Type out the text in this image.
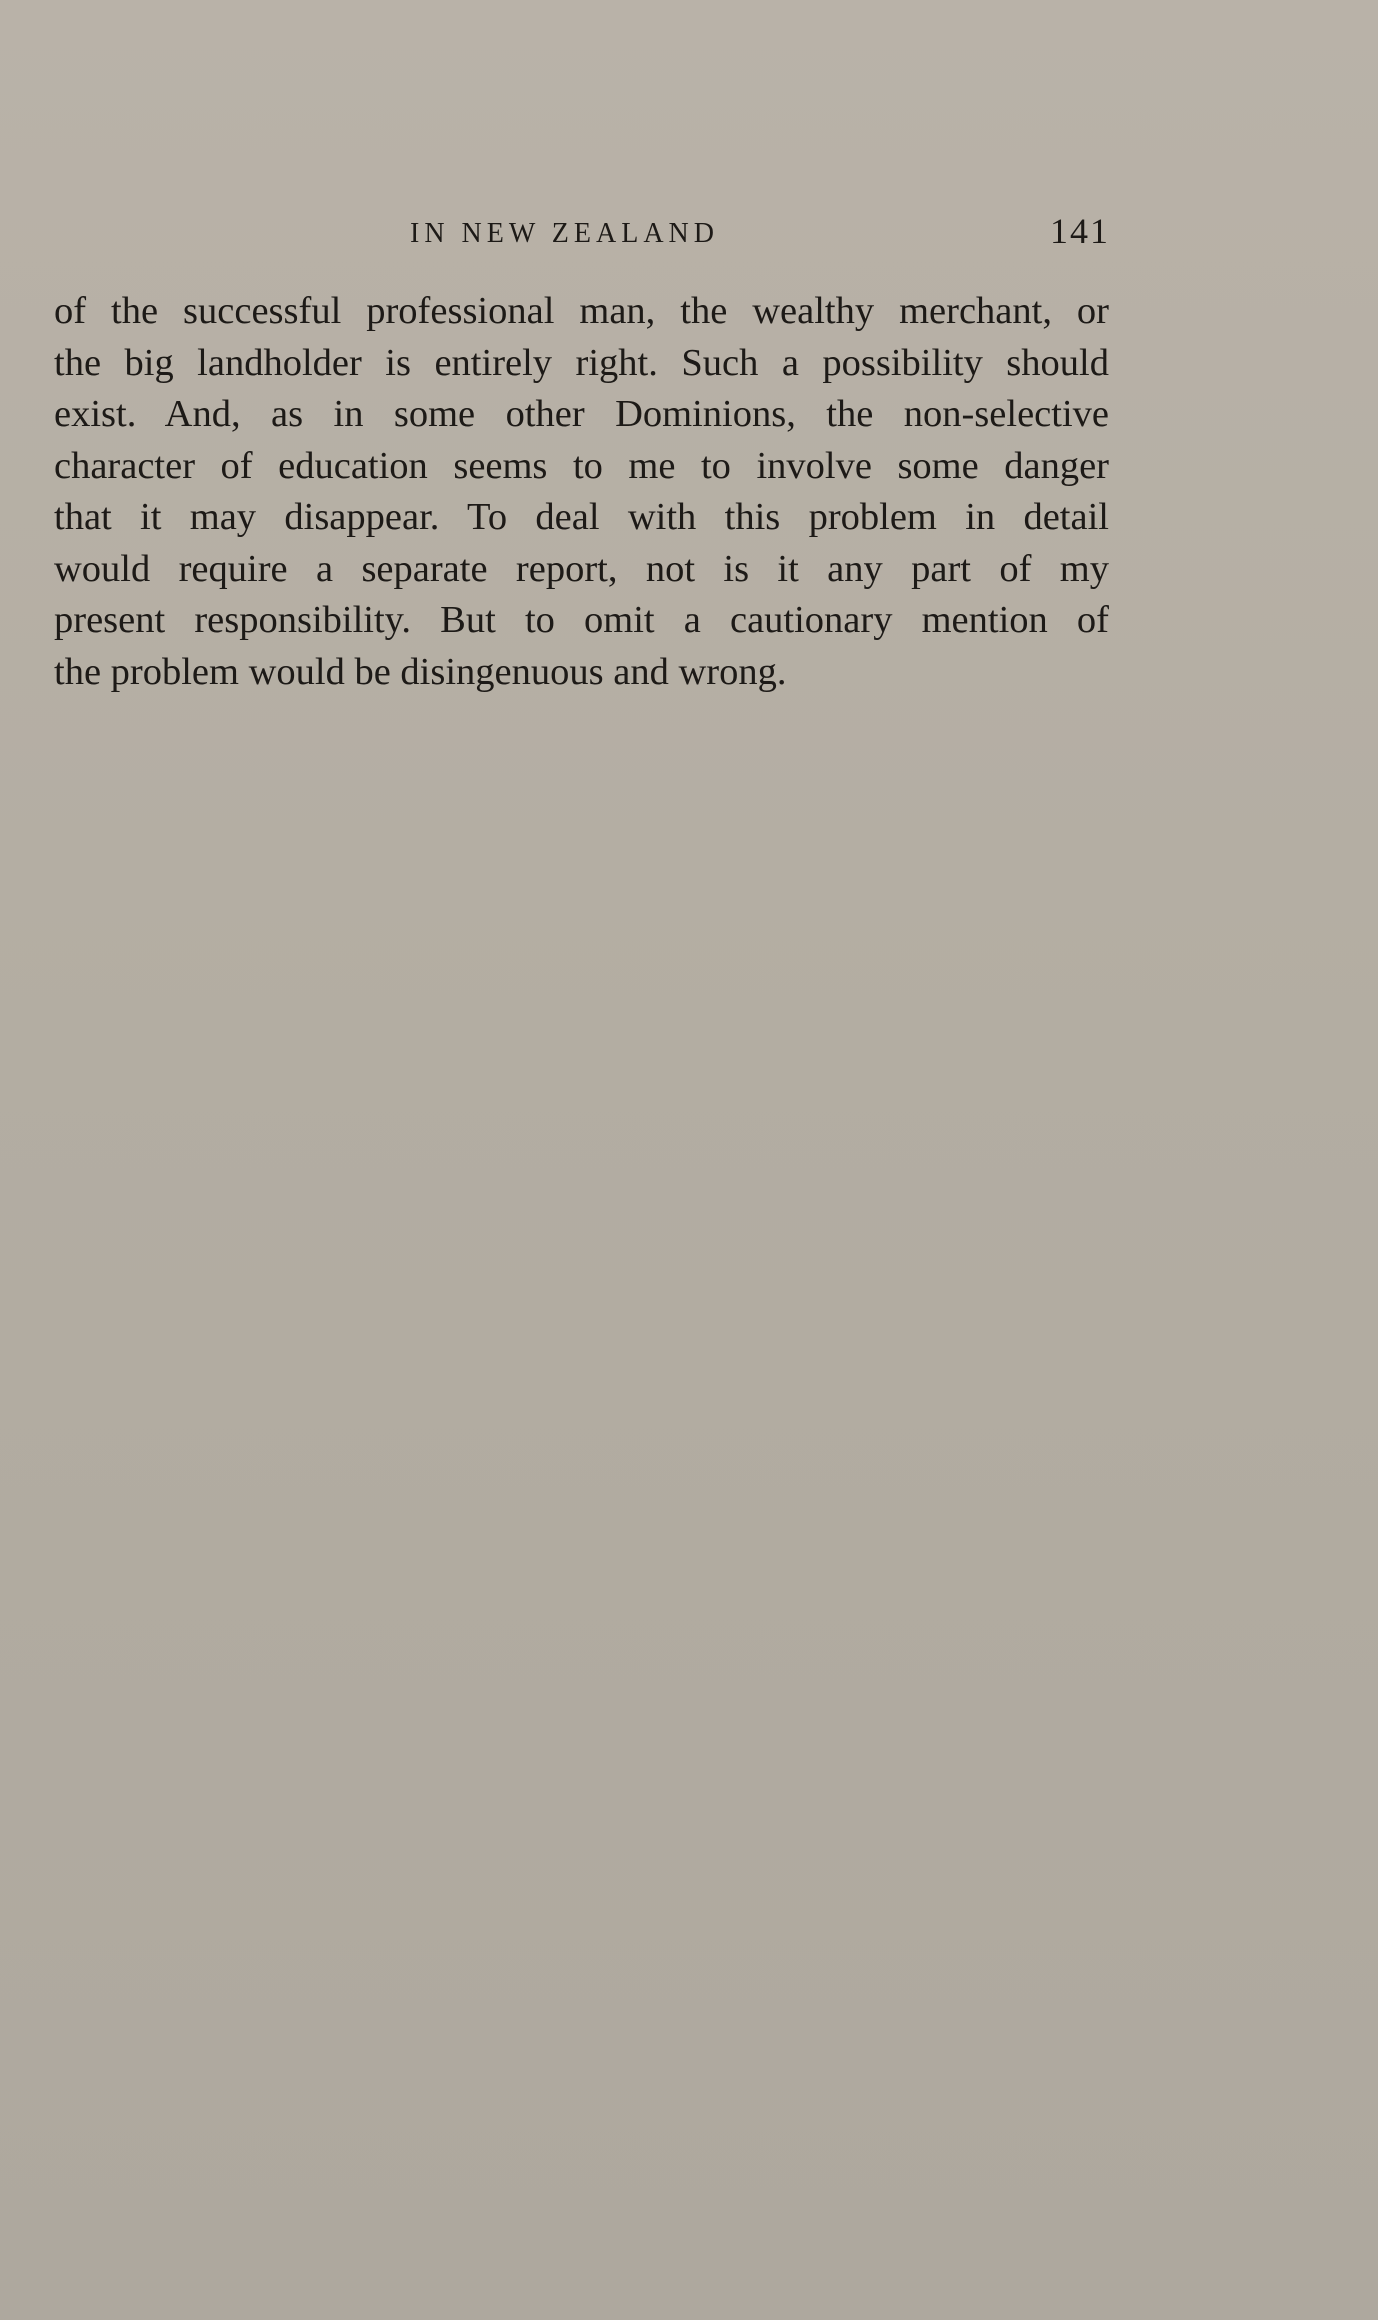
IN NEW ZEALAND	141
of the successful professional man, the wealthy merchant, or
the big landholder is entirely right. Such a possibility should
exist. And, as in some other Dominions, the non-selective
character of education seems to me to involve some danger
that it may disappear. To deal with this problem in detail
would require a separate report, not is it any part of my
present responsibility. But to omit a cautionary mention of
the problem would be disingenuous and wrong.
